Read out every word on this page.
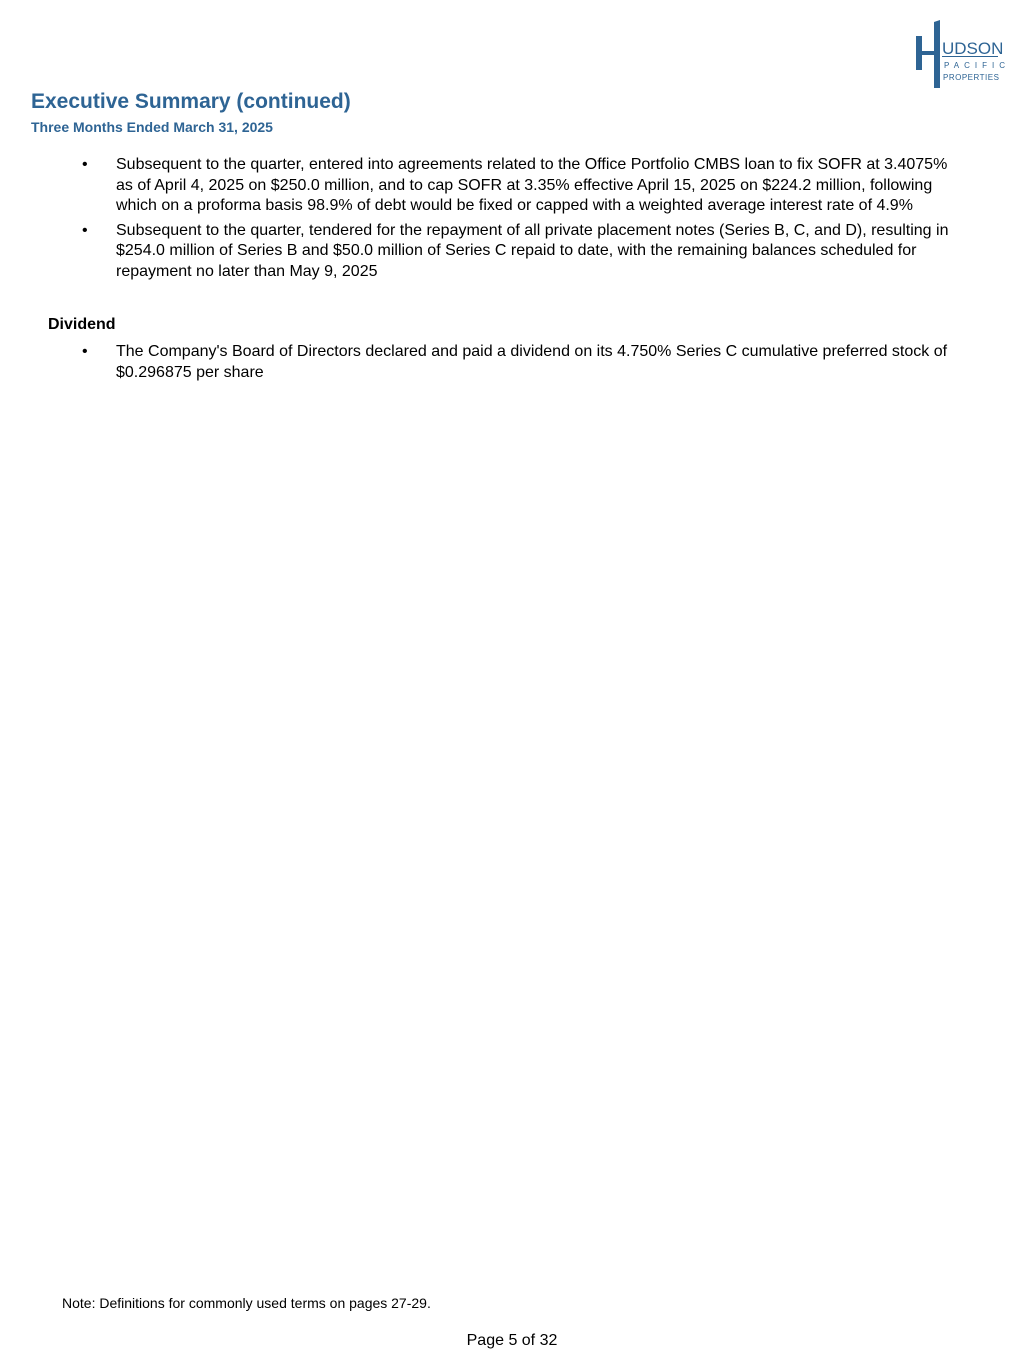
UDSON
PACIFIC
PROPERTIES
Executive Summary (continued)
Three Months Ended March 31, 2025
• Subsequent to the quarter, entered into agreements related to the Office Portfolio CMBS loan to fix SOFR at 3.4075% as of April 4, 2025 on $250.0 million, and to cap SOFR at 3.35% effective April 15, 2025 on $224.2 million, following which on a proforma basis 98.9% of debt would be fixed or capped with a weighted average interest rate of 4.9%
• Subsequent to the quarter, tendered for the repayment of all private placement notes (Series B, C, and D), resulting in $254.0 million of Series B and $50.0 million of Series C repaid to date, with the remaining balances scheduled for repayment no later than May 9, 2025
Dividend
• The Company's Board of Directors declared and paid a dividend on its 4.750% Series C cumulative preferred stock of $0.296875 per share
Note: Definitions for commonly used terms on pages 27-29.
Page 5 of 32
